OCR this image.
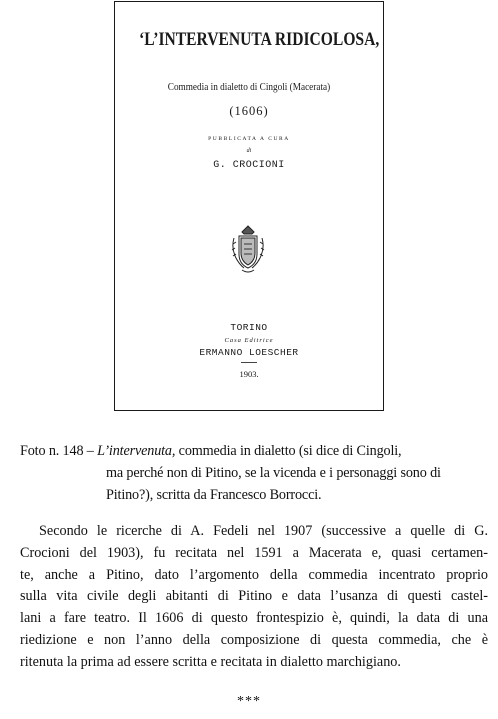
‘L’INTERVENUTA RIDICOLOSA,
Commedia in dialetto di Cingoli (Macerata)
(1606)
PUBBLICATA A CURA
di
G. CROCIONI
TORINO
Casa Editrice
ERMANNO LOESCHER
1903.
Foto n. 148 – L’intervenuta, commedia in dialetto (si dice di Cingoli,
ma perché non di Pitino, se la vicenda e i personaggi sono di
Pitino?), scritta da Francesco Borrocci.
Secondo le ricerche di A. Fedeli nel 1907 (successive a quelle di G.
Crocioni del 1903), fu recitata nel 1591 a Macerata e, quasi certamen-
te, anche a Pitino, dato l’argomento della commedia incentrato proprio
sulla vita civile degli abitanti di Pitino e data l’usanza di questi castel-
lani a fare teatro. Il 1606 di questo frontespizio è, quindi, la data di una
riedizione e non l’anno della composizione di questa commedia, che è
ritenuta la prima ad essere scritta e recitata in dialetto marchigiano.
***
